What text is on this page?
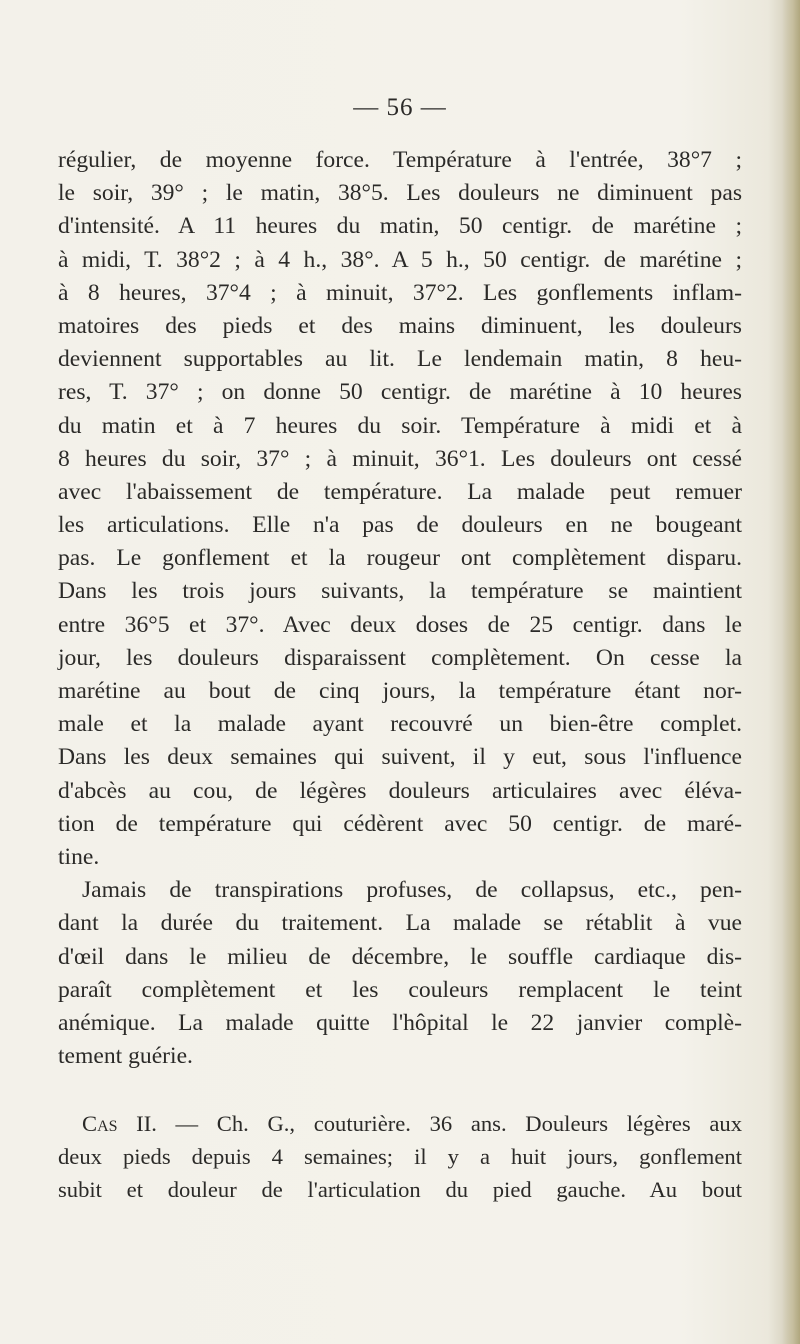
— 56 —
régulier, de moyenne force. Température à l'entrée, 38°7 ;
le soir, 39° ; le matin, 38°5. Les douleurs ne diminuent pas
d'intensité. A 11 heures du matin, 50 centigr. de marétine ;
à midi, T. 38°2 ; à 4 h., 38°. A 5 h., 50 centigr. de marétine ;
à 8 heures, 37°4 ; à minuit, 37°2. Les gonflements inflam-
matoires des pieds et des mains diminuent, les douleurs
deviennent supportables au lit. Le lendemain matin, 8 heu-
res, T. 37° ; on donne 50 centigr. de marétine à 10 heures
du matin et à 7 heures du soir. Température à midi et à
8 heures du soir, 37° ; à minuit, 36°1. Les douleurs ont cessé
avec l'abaissement de température. La malade peut remuer
les articulations. Elle n'a pas de douleurs en ne bougeant
pas. Le gonflement et la rougeur ont complètement disparu.
Dans les trois jours suivants, la température se maintient
entre 36°5 et 37°. Avec deux doses de 25 centigr. dans le
jour, les douleurs disparaissent complètement. On cesse la
marétine au bout de cinq jours, la température étant nor-
male et la malade ayant recouvré un bien-être complet.
Dans les deux semaines qui suivent, il y eut, sous l'influence
d'abcès au cou, de légères douleurs articulaires avec éléva-
tion de température qui cédèrent avec 50 centigr. de maré-
tine.
Jamais de transpirations profuses, de collapsus, etc., pen-
dant la durée du traitement. La malade se rétablit à vue
d'œil dans le milieu de décembre, le souffle cardiaque dis-
paraît complètement et les couleurs remplacent le teint
anémique. La malade quitte l'hôpital le 22 janvier complè-
tement guérie.
Cas II. — Ch. G., couturière. 36 ans. Douleurs légères aux
deux pieds depuis 4 semaines; il y a huit jours, gonflement
subit et douleur de l'articulation du pied gauche. Au bout
